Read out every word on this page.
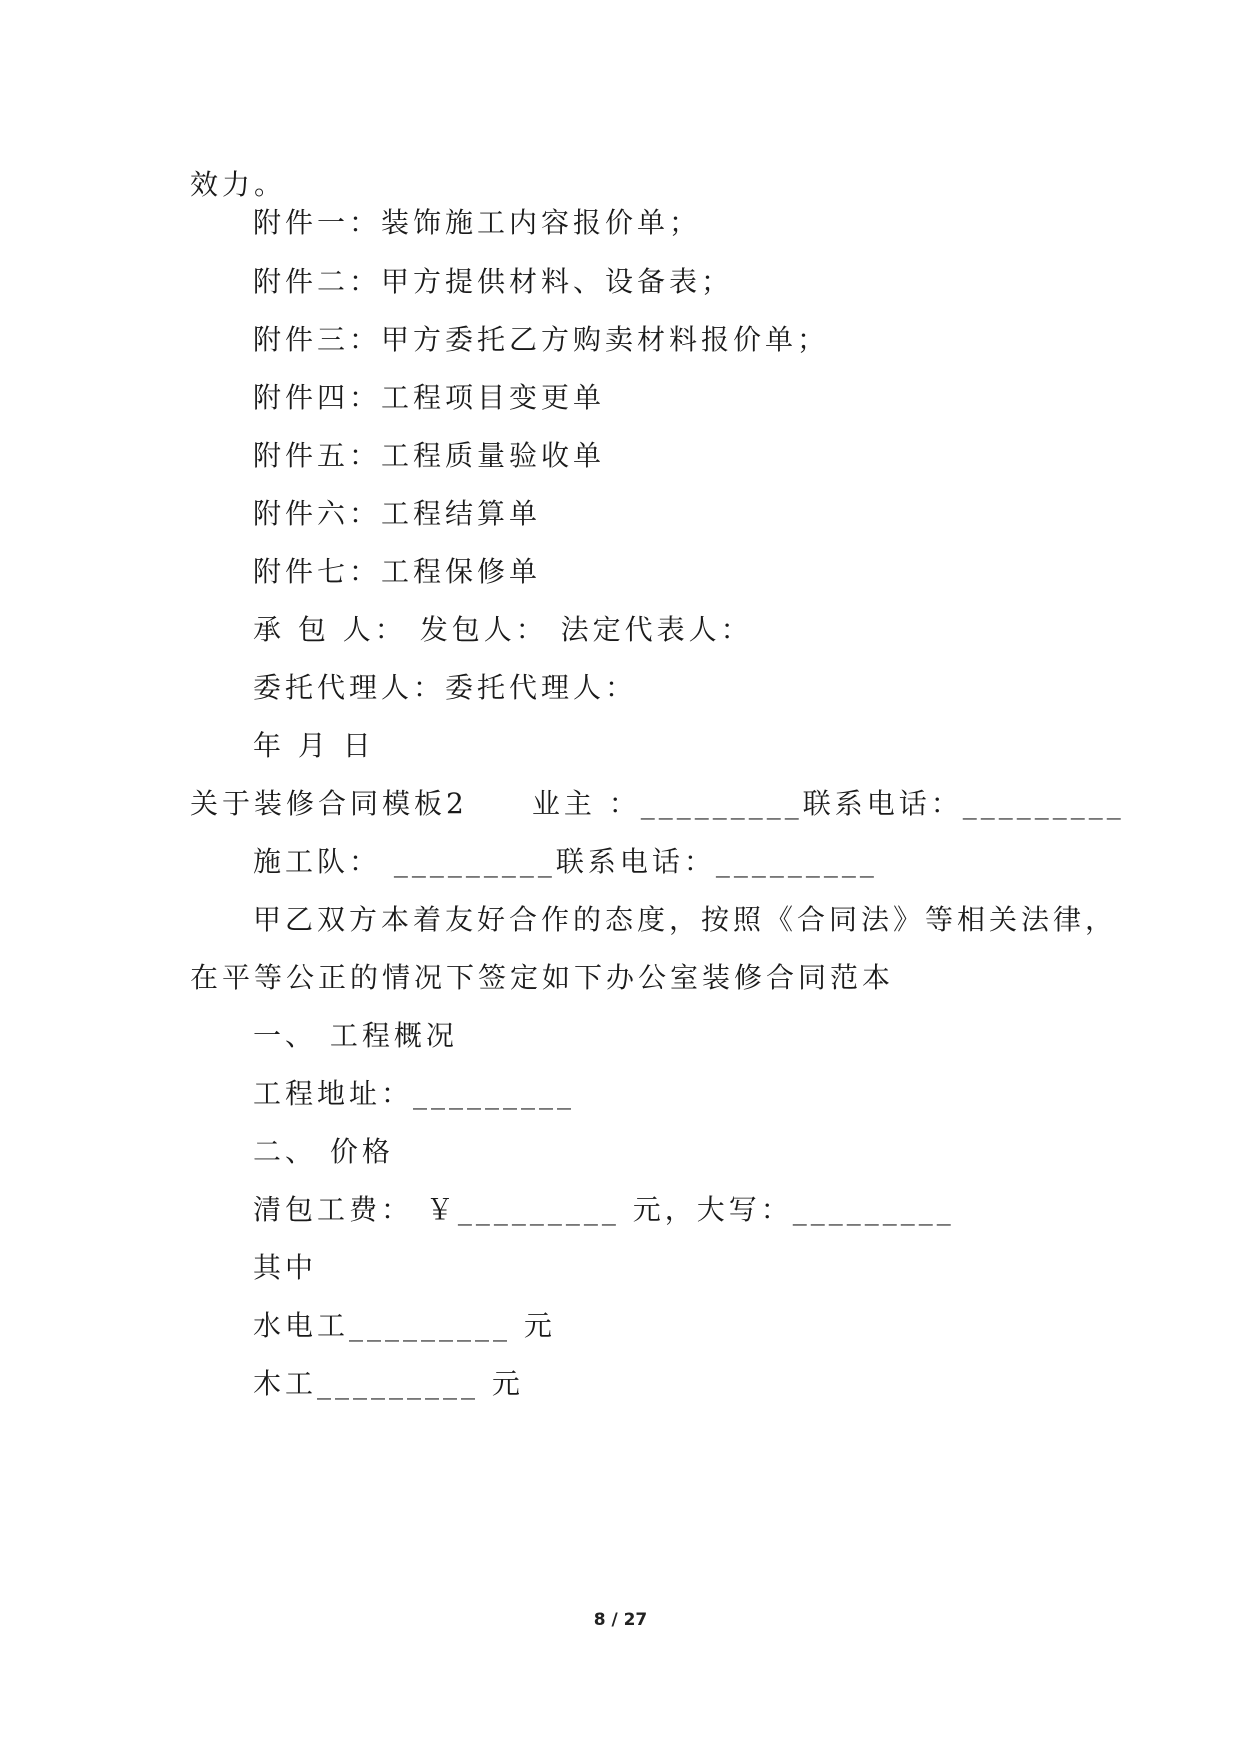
效力。
附件一：装饰施工内容报价单；
附件二：甲方提供材料、设备表；
附件三：甲方委托乙方购卖材料报价单；
附件四：工程项目变更单
附件五：工程质量验收单
附件六：工程结算单
附件七：工程保修单
承 包 人： 发包人： 法定代表人：
委托代理人：委托代理人：
年 月 日
关于装修合同模板2　　业主 ：_________联系电话：_________
施工队： _________联系电话：_________
甲乙双方本着友好合作的态度，按照《合同法》等相关法律，
在平等公正的情况下签定如下办公室装修合同范本
一、 工程概况
工程地址：_________
二、 价格
清包工费： ￥_________ 元，大写：_________
其中
水电工_________ 元
木工_________ 元
8 / 27
